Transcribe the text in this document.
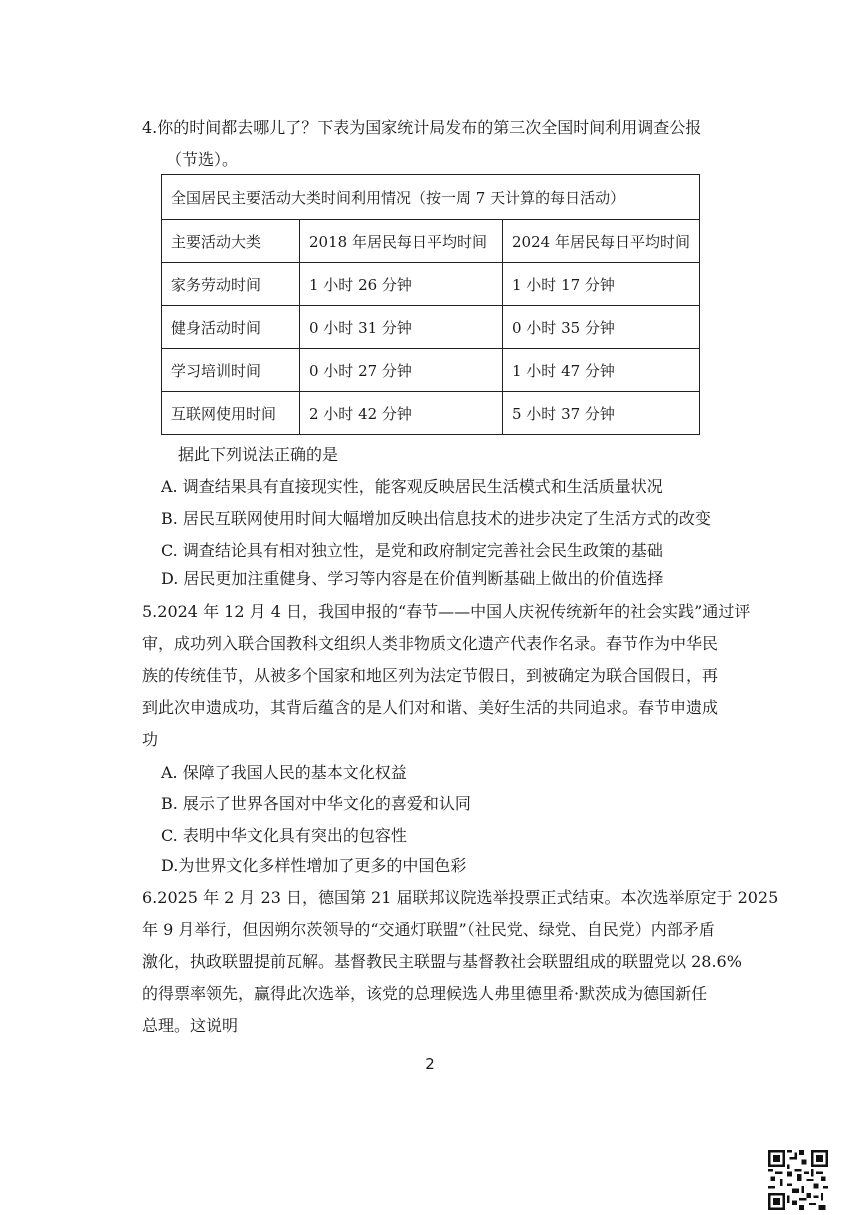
4.你的时间都去哪儿了？下表为国家统计局发布的第三次全国时间利用调查公报
（节选）。
全国居民主要活动大类时间利用情况（按一周 7 天计算的每日活动）		
主要活动大类	2018 年居民每日平均时间	2024 年居民每日平均时间
家务劳动时间	1 小时 26 分钟	1 小时 17 分钟
健身活动时间	0 小时 31 分钟	0 小时 35 分钟
学习培训时间	0 小时 27 分钟	1 小时 47 分钟
互联网使用时间	2 小时 42 分钟	5 小时 37 分钟
据此下列说法正确的是
A. 调查结果具有直接现实性，能客观反映居民生活模式和生活质量状况
B. 居民互联网使用时间大幅增加反映出信息技术的进步决定了生活方式的改变
C. 调查结论具有相对独立性，是党和政府制定完善社会民生政策的基础
D. 居民更加注重健身、学习等内容是在价值判断基础上做出的价值选择
5.2024 年 12 月 4 日，我国申报的“春节——中国人庆祝传统新年的社会实践”通过评
审，成功列入联合国教科文组织人类非物质文化遗产代表作名录。春节作为中华民
族的传统佳节，从被多个国家和地区列为法定节假日，到被确定为联合国假日，再
到此次申遗成功，其背后蕴含的是人们对和谐、美好生活的共同追求。春节申遗成
功
A. 保障了我国人民的基本文化权益
B. 展示了世界各国对中华文化的喜爱和认同
C. 表明中华文化具有突出的包容性
D.为世界文化多样性增加了更多的中国色彩
6.2025 年 2 月 23 日，德国第 21 届联邦议院选举投票正式结束。本次选举原定于 2025
年 9 月举行，但因朔尔茨领导的“交通灯联盟”（社民党、绿党、自民党）内部矛盾
激化，执政联盟提前瓦解。基督教民主联盟与基督教社会联盟组成的联盟党以 28.6%
的得票率领先，赢得此次选举，该党的总理候选人弗里德里希·默茨成为德国新任
总理。这说明
2
